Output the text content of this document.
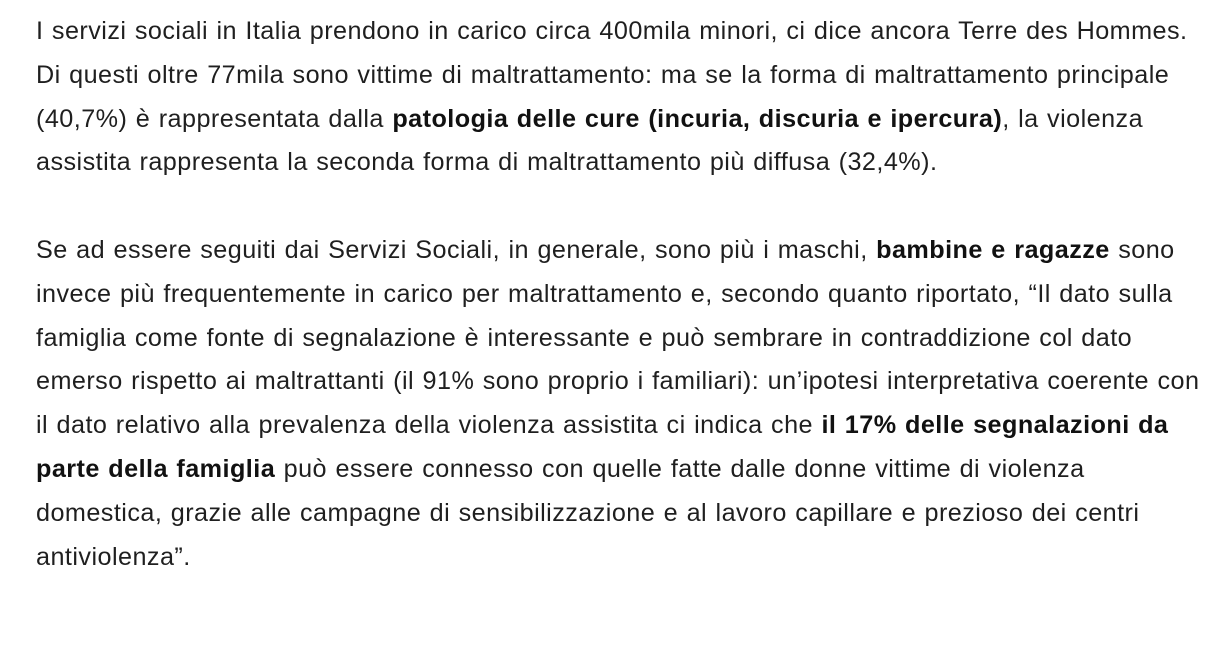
I servizi sociali in Italia prendono in carico circa 400mila minori, ci dice ancora Terre des Hommes. Di questi oltre 77mila sono vittime di maltrattamento: ma se la forma di maltrattamento principale (40,7%) è rappresentata dalla patologia delle cure (incuria, discuria e ipercura), la violenza assistita rappresenta la seconda forma di maltrattamento più diffusa (32,4%).

Se ad essere seguiti dai Servizi Sociali, in generale, sono più i maschi, bambine e ragazze sono invece più frequentemente in carico per maltrattamento e, secondo quanto riportato, “Il dato sulla famiglia come fonte di segnalazione è interessante e può sembrare in contraddizione col dato emerso rispetto ai maltrattanti (il 91% sono proprio i familiari): un’ipotesi interpretativa coerente con il dato relativo alla prevalenza della violenza assistita ci indica che il 17% delle segnalazioni da parte della famiglia può essere connesso con quelle fatte dalle donne vittime di violenza domestica, grazie alle campagne di sensibilizzazione e al lavoro capillare e prezioso dei centri antiviolenza”.
